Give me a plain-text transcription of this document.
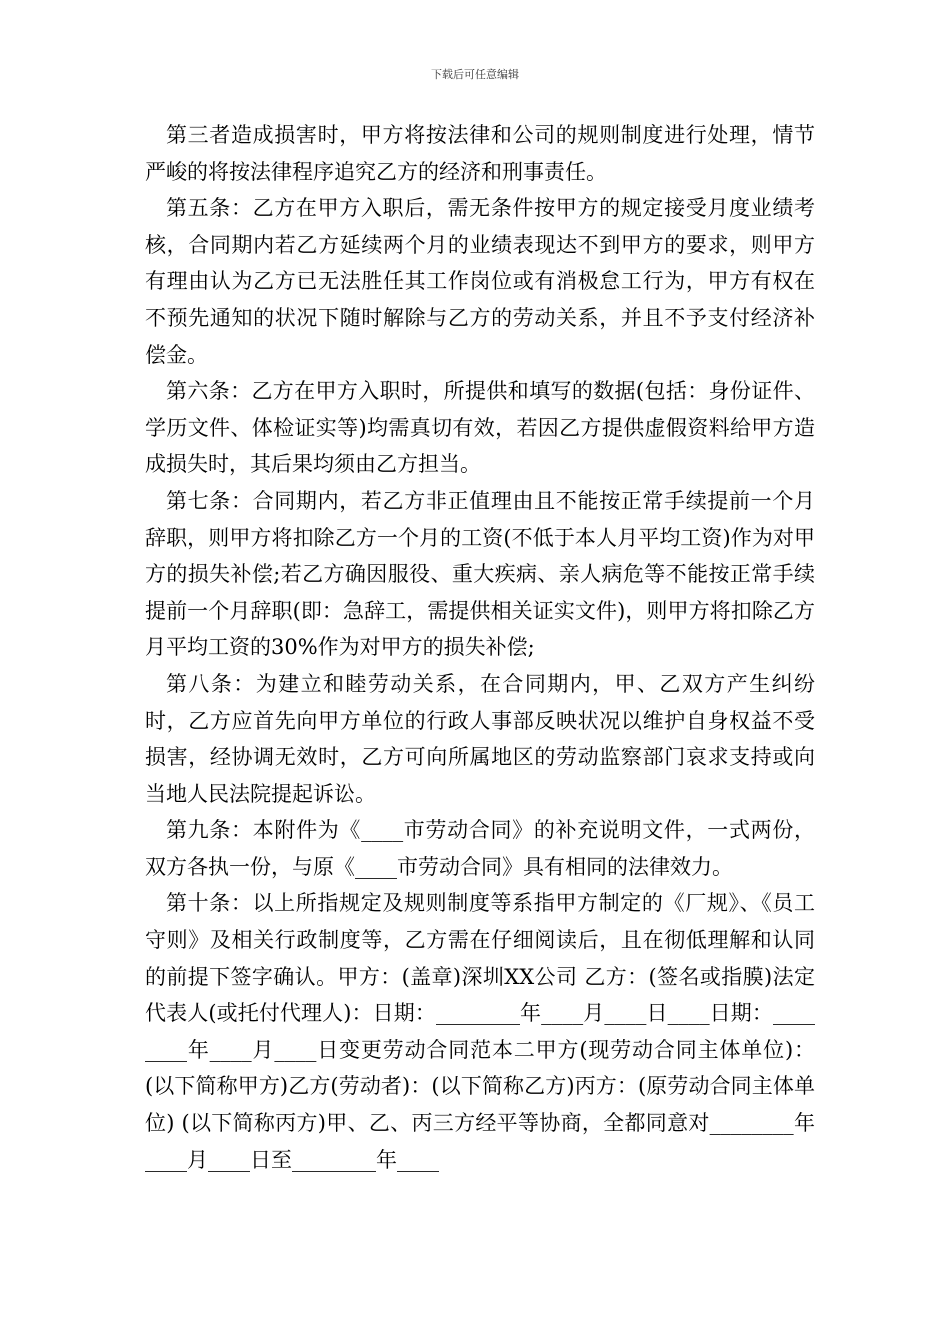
下载后可任意编辑

第三者造成损害时，甲方将按法律和公司的规则制度进行处理，情节严峻的将按法律程序追究乙方的经济和刑事责任。

第五条：乙方在甲方入职后，需无条件按甲方的规定接受月度业绩考核，合同期内若乙方延续两个月的业绩表现达不到甲方的要求，则甲方有理由认为乙方已无法胜任其工作岗位或有消极怠工行为，甲方有权在不预先通知的状况下随时解除与乙方的劳动关系，并且不予支付经济补偿金。

第六条：乙方在甲方入职时，所提供和填写的数据(包括：身份证件、学历文件、体检证实等)均需真切有效，若因乙方提供虚假资料给甲方造成损失时，其后果均须由乙方担当。

第七条：合同期内，若乙方非正值理由且不能按正常手续提前一个月辞职，则甲方将扣除乙方一个月的工资(不低于本人月平均工资)作为对甲方的损失补偿;若乙方确因服役、重大疾病、亲人病危等不能按正常手续提前一个月辞职(即：急辞工，需提供相关证实文件)，则甲方将扣除乙方月平均工资的30%作为对甲方的损失补偿;

第八条：为建立和睦劳动关系，在合同期内，甲、乙双方产生纠纷时，乙方应首先向甲方单位的行政人事部反映状况以维护自身权益不受损害，经协调无效时，乙方可向所属地区的劳动监察部门哀求支持或向当地人民法院提起诉讼。

第九条：本附件为《____市劳动合同》的补充说明文件，一式两份，双方各执一份，与原《____市劳动合同》具有相同的法律效力。

第十条：以上所指规定及规则制度等系指甲方制定的《厂规》、《员工守则》及相关行政制度等，乙方需在仔细阅读后，且在彻低理解和认同的前提下签字确认。甲方：(盖章)深圳XX公司 乙方：(签名或指膜)法定代表人(或托付代理人)：日期：________年____月____日____日期：________年____月____日变更劳动合同范本二甲方(现劳动合同主体单位)：(以下简称甲方)乙方(劳动者)：(以下简称乙方)丙方：(原劳动合同主体单位) (以下简称丙方)甲、乙、丙三方经平等协商，全都同意对________年____月____日至________年____
